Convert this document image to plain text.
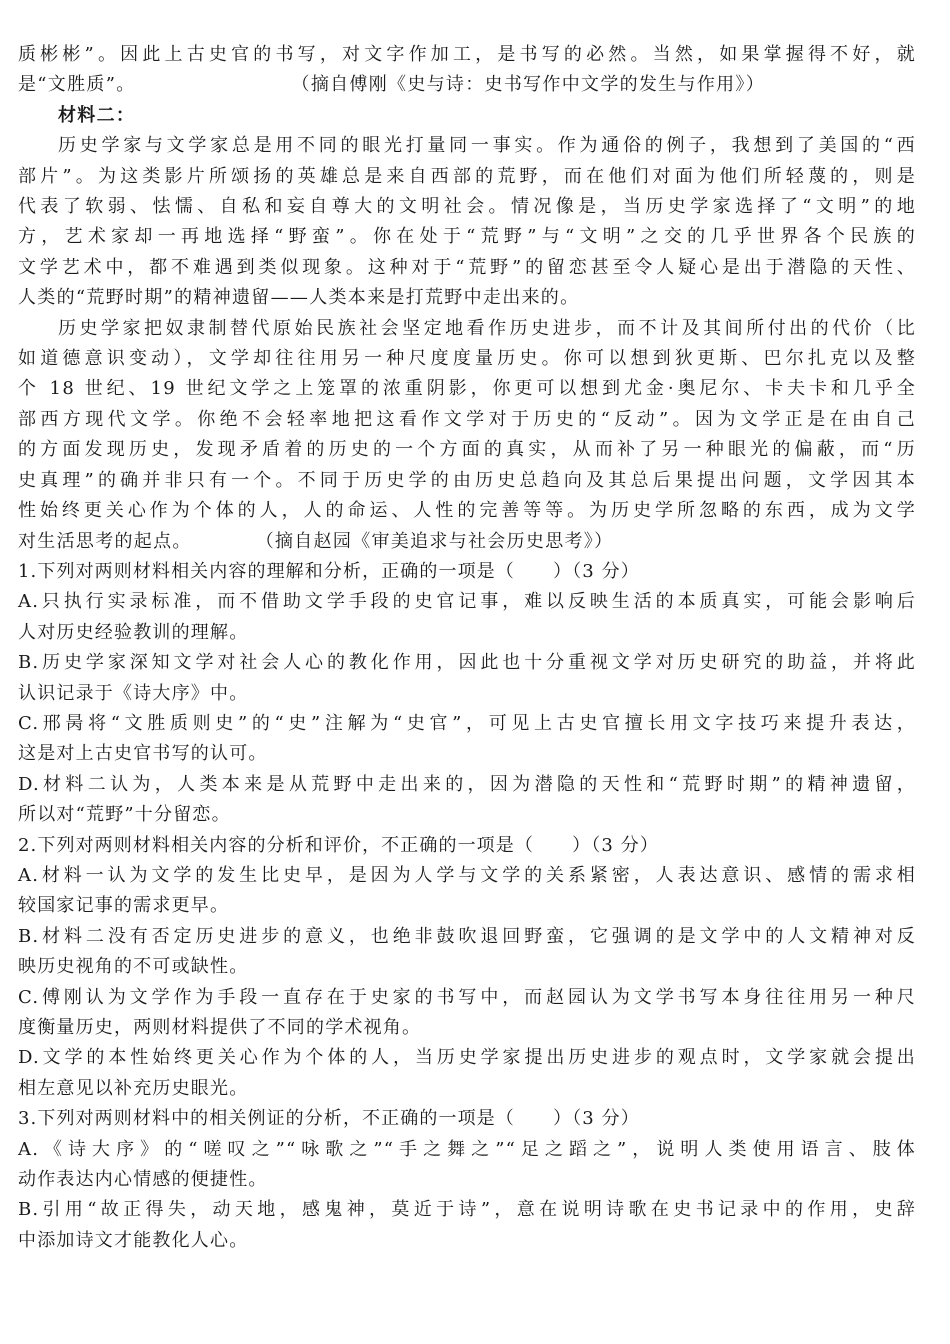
质彬彬”。因此上古史官的书写，对文字作加工，是书写的必然。当然，如果掌握得不好，就

是“文胜质”。	（摘自傅刚《史与诗：史书写作中文学的发生与作用》）

材料二：

历史学家与文学家总是用不同的眼光打量同一事实。作为通俗的例子，我想到了美国的“西

部片”。为这类影片所颂扬的英雄总是来自西部的荒野，而在他们对面为他们所轻蔑的，则是

代表了软弱、怯懦、自私和妄自尊大的文明社会。情况像是，当历史学家选择了“文明”的地

方，艺术家却一再地选择“野蛮”。你在处于“荒野”与“文明”之交的几乎世界各个民族的

文学艺术中，都不难遇到类似现象。这种对于“荒野”的留恋甚至令人疑心是出于潜隐的天性、

人类的“荒野时期”的精神遗留——人类本来是打荒野中走出来的。

历史学家把奴隶制替代原始民族社会坚定地看作历史进步，而不计及其间所付出的代价（比

如道德意识变动），文学却往往用另一种尺度度量历史。你可以想到狄更斯、巴尔扎克以及整

个 18 世纪、19 世纪文学之上笼罩的浓重阴影，你更可以想到尤金·奥尼尔、卡夫卡和几乎全

部西方现代文学。你绝不会轻率地把这看作文学对于历史的“反动”。因为文学正是在由自己

的方面发现历史，发现矛盾着的历史的一个方面的真实，从而补了另一种眼光的偏蔽，而“历

史真理”的确并非只有一个。不同于历史学的由历史总趋向及其总后果提出问题，文学因其本

性始终更关心作为个体的人，人的命运、人性的完善等等。为历史学所忽略的东西，成为文学

对生活思考的起点。	（摘自赵园《审美追求与社会历史思考》）

1.下列对两则材料相关内容的理解和分析，正确的一项是（　　）（3 分）

A.只执行实录标准，而不借助文学手段的史官记事，难以反映生活的本质真实，可能会影响后

人对历史经验教训的理解。

B.历史学家深知文学对社会人心的教化作用，因此也十分重视文学对历史研究的助益，并将此

认识记录于《诗大序》中。

C.邢昺将“文胜质则史”的“史”注解为“史官”，可见上古史官擅长用文字技巧来提升表达，

这是对上古史官书写的认可。

D.材料二认为，人类本来是从荒野中走出来的，因为潜隐的天性和“荒野时期”的精神遗留，

所以对“荒野”十分留恋。

2.下列对两则材料相关内容的分析和评价，不正确的一项是（　　）（3 分）

A.材料一认为文学的发生比史早，是因为人学与文学的关系紧密，人表达意识、感情的需求相

较国家记事的需求更早。

B.材料二没有否定历史进步的意义，也绝非鼓吹退回野蛮，它强调的是文学中的人文精神对反

映历史视角的不可或缺性。

C.傅刚认为文学作为手段一直存在于史家的书写中，而赵园认为文学书写本身往往用另一种尺

度衡量历史，两则材料提供了不同的学术视角。

D.文学的本性始终更关心作为个体的人，当历史学家提出历史进步的观点时，文学家就会提出

相左意见以补充历史眼光。

3.下列对两则材料中的相关例证的分析，不正确的一项是（　　）（3 分）

A.《诗大序》的“嗟叹之”“咏歌之”“手之舞之”“足之蹈之”，说明人类使用语言、肢体

动作表达内心情感的便捷性。

B.引用“故正得失，动天地，感鬼神，莫近于诗”，意在说明诗歌在史书记录中的作用，史辞

中添加诗文才能教化人心。
